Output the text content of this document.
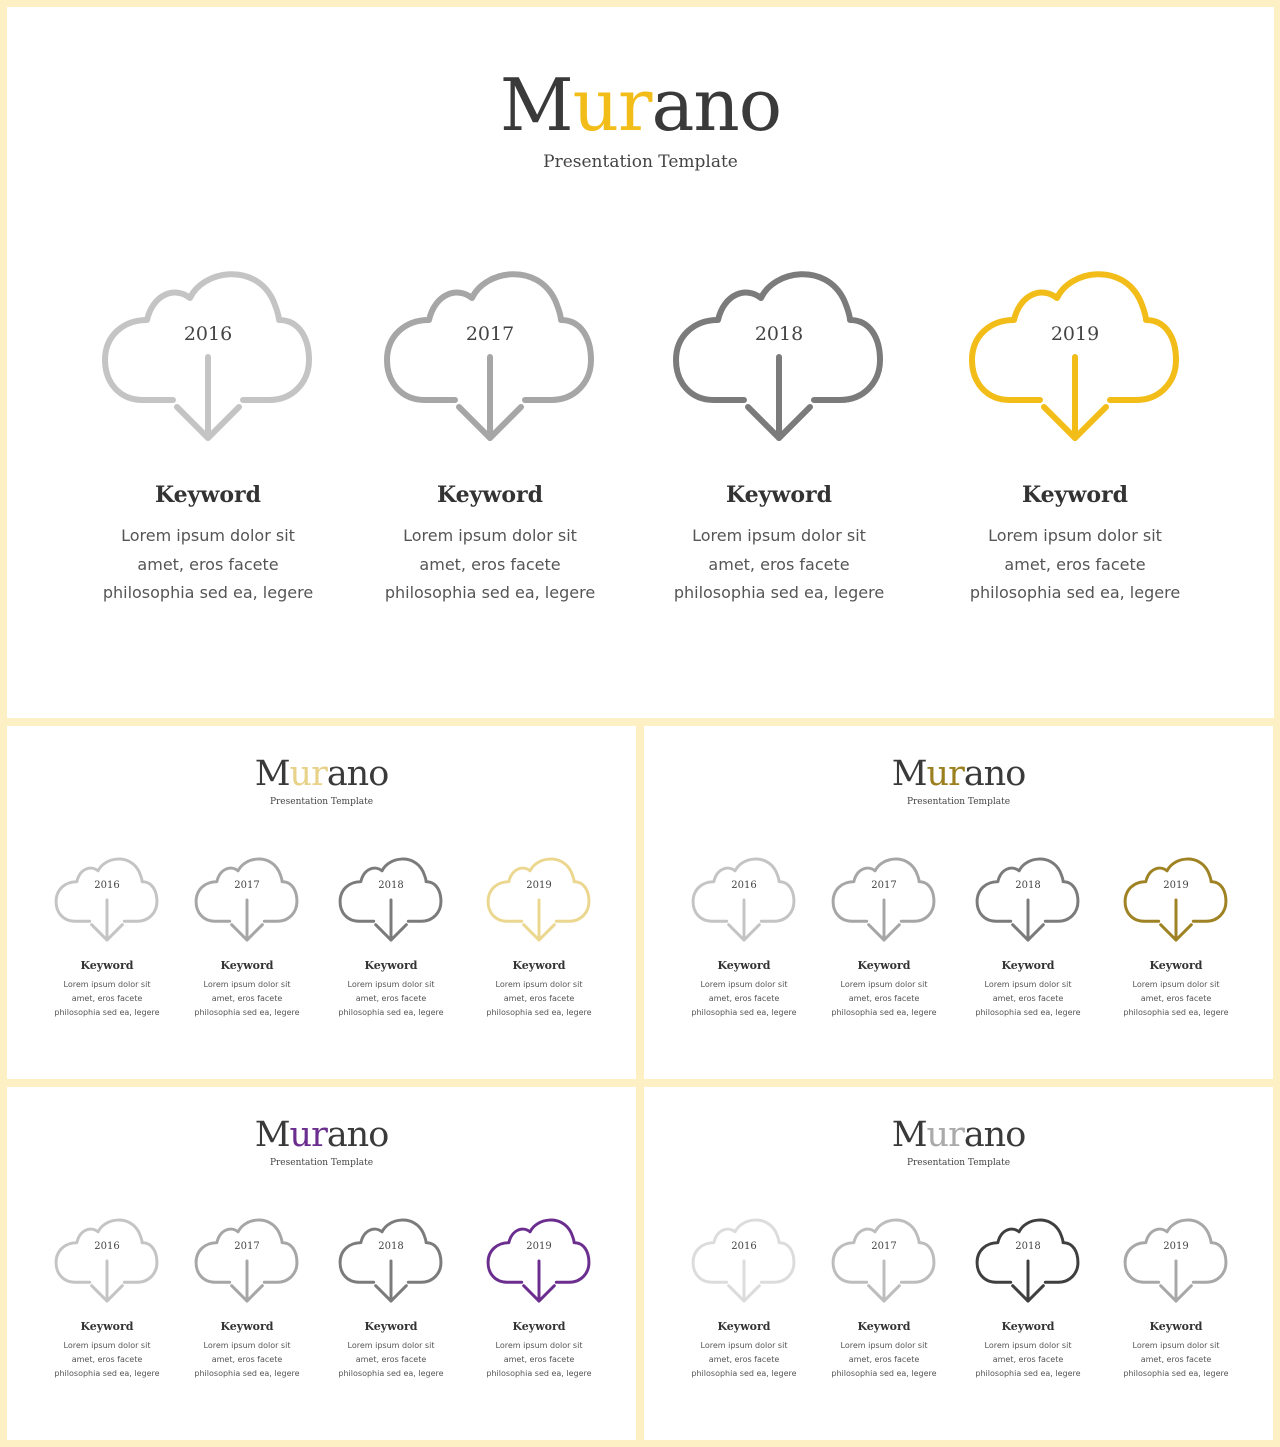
Murano
Presentation Template
2016
Keyword
Lorem ipsum dolor sit
amet, eros facete
philosophia sed ea, legere
2017
Keyword
Lorem ipsum dolor sit
amet, eros facete
philosophia sed ea, legere
2018
Keyword
Lorem ipsum dolor sit
amet, eros facete
philosophia sed ea, legere
2019
Keyword
Lorem ipsum dolor sit
amet, eros facete
philosophia sed ea, legere
Murano
Presentation Template
2016
Keyword
Lorem ipsum dolor sit
amet, eros facete
philosophia sed ea, legere
2017
Keyword
Lorem ipsum dolor sit
amet, eros facete
philosophia sed ea, legere
2018
Keyword
Lorem ipsum dolor sit
amet, eros facete
philosophia sed ea, legere
2019
Keyword
Lorem ipsum dolor sit
amet, eros facete
philosophia sed ea, legere
Murano
Presentation Template
2016
Keyword
Lorem ipsum dolor sit
amet, eros facete
philosophia sed ea, legere
2017
Keyword
Lorem ipsum dolor sit
amet, eros facete
philosophia sed ea, legere
2018
Keyword
Lorem ipsum dolor sit
amet, eros facete
philosophia sed ea, legere
2019
Keyword
Lorem ipsum dolor sit
amet, eros facete
philosophia sed ea, legere
Murano
Presentation Template
2016
Keyword
Lorem ipsum dolor sit
amet, eros facete
philosophia sed ea, legere
2017
Keyword
Lorem ipsum dolor sit
amet, eros facete
philosophia sed ea, legere
2018
Keyword
Lorem ipsum dolor sit
amet, eros facete
philosophia sed ea, legere
2019
Keyword
Lorem ipsum dolor sit
amet, eros facete
philosophia sed ea, legere
Murano
Presentation Template
2016
Keyword
Lorem ipsum dolor sit
amet, eros facete
philosophia sed ea, legere
2017
Keyword
Lorem ipsum dolor sit
amet, eros facete
philosophia sed ea, legere
2018
Keyword
Lorem ipsum dolor sit
amet, eros facete
philosophia sed ea, legere
2019
Keyword
Lorem ipsum dolor sit
amet, eros facete
philosophia sed ea, legere
